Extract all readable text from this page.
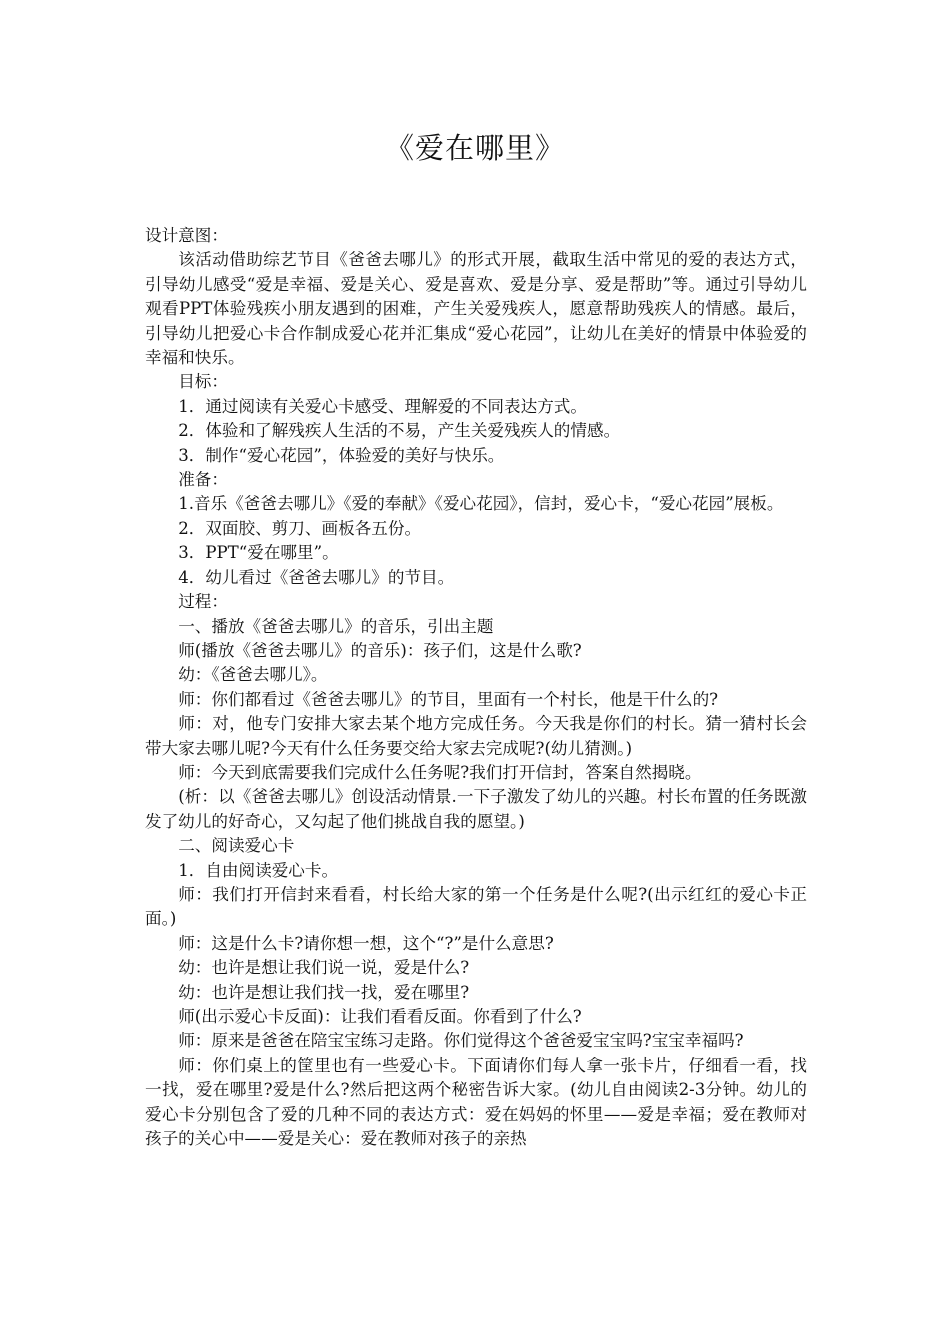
《爱在哪里》

设计意图：

该活动借助综艺节目《爸爸去哪儿》的形式开展，截取生活中常见的爱的表达方式，引导幼儿感受“爱是幸福、爱是关心、爱是喜欢、爱是分享、爱是帮助”等。通过引导幼儿观看PPT体验残疾小朋友遇到的困难，产生关爱残疾人，愿意帮助残疾人的情感。最后，引导幼儿把爱心卡合作制成爱心花并汇集成“爱心花园”，让幼儿在美好的情景中体验爱的幸福和快乐。

目标：

1．通过阅读有关爱心卡感受、理解爱的不同表达方式。

2．体验和了解残疾人生活的不易，产生关爱残疾人的情感。

3．制作“爱心花园”，体验爱的美好与快乐。

准备：

1.音乐《爸爸去哪儿》《爱的奉献》《爱心花园》，信封，爱心卡，“爱心花园”展板。

2．双面胶、剪刀、画板各五份。

3．PPT“爱在哪里”。

4．幼儿看过《爸爸去哪儿》的节目。

过程：

一、播放《爸爸去哪儿》的音乐，引出主题

师(播放《爸爸去哪儿》的音乐)：孩子们，这是什么歌?

幼：《爸爸去哪儿》。

师：你们都看过《爸爸去哪儿》的节目，里面有一个村长，他是干什么的?

师：对，他专门安排大家去某个地方完成任务。今天我是你们的村长。猜一猜村长会带大家去哪儿呢?今天有什么任务要交给大家去完成呢?(幼儿猜测。)

师：今天到底需要我们完成什么任务呢?我们打开信封，答案自然揭晓。

(析：以《爸爸去哪儿》创设活动情景.一下子激发了幼儿的兴趣。村长布置的任务既激发了幼儿的好奇心，又勾起了他们挑战自我的愿望。)

二、阅读爱心卡

1．自由阅读爱心卡。

师：我们打开信封来看看，村长给大家的第一个任务是什么呢?(出示红红的爱心卡正面。)

师：这是什么卡?请你想一想，这个“?”是什么意思?

幼：也许是想让我们说一说，爱是什么?

幼：也许是想让我们找一找，爱在哪里?

师(出示爱心卡反面)：让我们看看反面。你看到了什么?

师：原来是爸爸在陪宝宝练习走路。你们觉得这个爸爸爱宝宝吗?宝宝幸福吗?

师：你们桌上的筐里也有一些爱心卡。下面请你们每人拿一张卡片，仔细看一看，找一找，爱在哪里?爱是什么?然后把这两个秘密告诉大家。(幼儿自由阅读2-3分钟。幼儿的爱心卡分别包含了爱的几种不同的表达方式：爱在妈妈的怀里——爱是幸福；爱在教师对孩子的关心中——爱是关心：爱在教师对孩子的亲热
